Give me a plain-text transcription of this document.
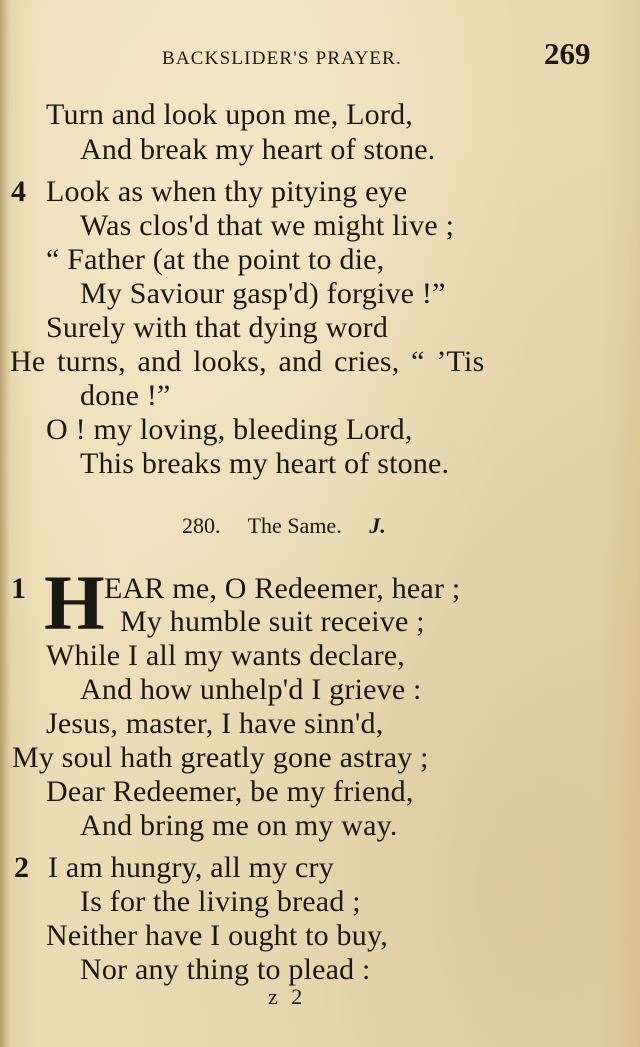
BACKSLIDER'S PRAYER.	269
Turn and look upon me, Lord,
And break my heart of stone.
4 Look as when thy pitying eye
Was clos'd that we might live ;
“ Father (at the point to die,
My Saviour gasp'd) forgive !”
Surely with that dying word
He turns, and looks, and cries, “ ’Tis
done !”
O ! my loving, bleeding Lord,
This breaks my heart of stone.
280. The Same. J.
1 H EAR me, O Redeemer, hear ;
My humble suit receive ;
While I all my wants declare,
And how unhelp'd I grieve :
Jesus, master, I have sinn'd,
My soul hath greatly gone astray ;
Dear Redeemer, be my friend,
And bring me on my way.
2 I am hungry, all my cry
Is for the living bread ;
Neither have I ought to buy,
Nor any thing to plead :
z 2
